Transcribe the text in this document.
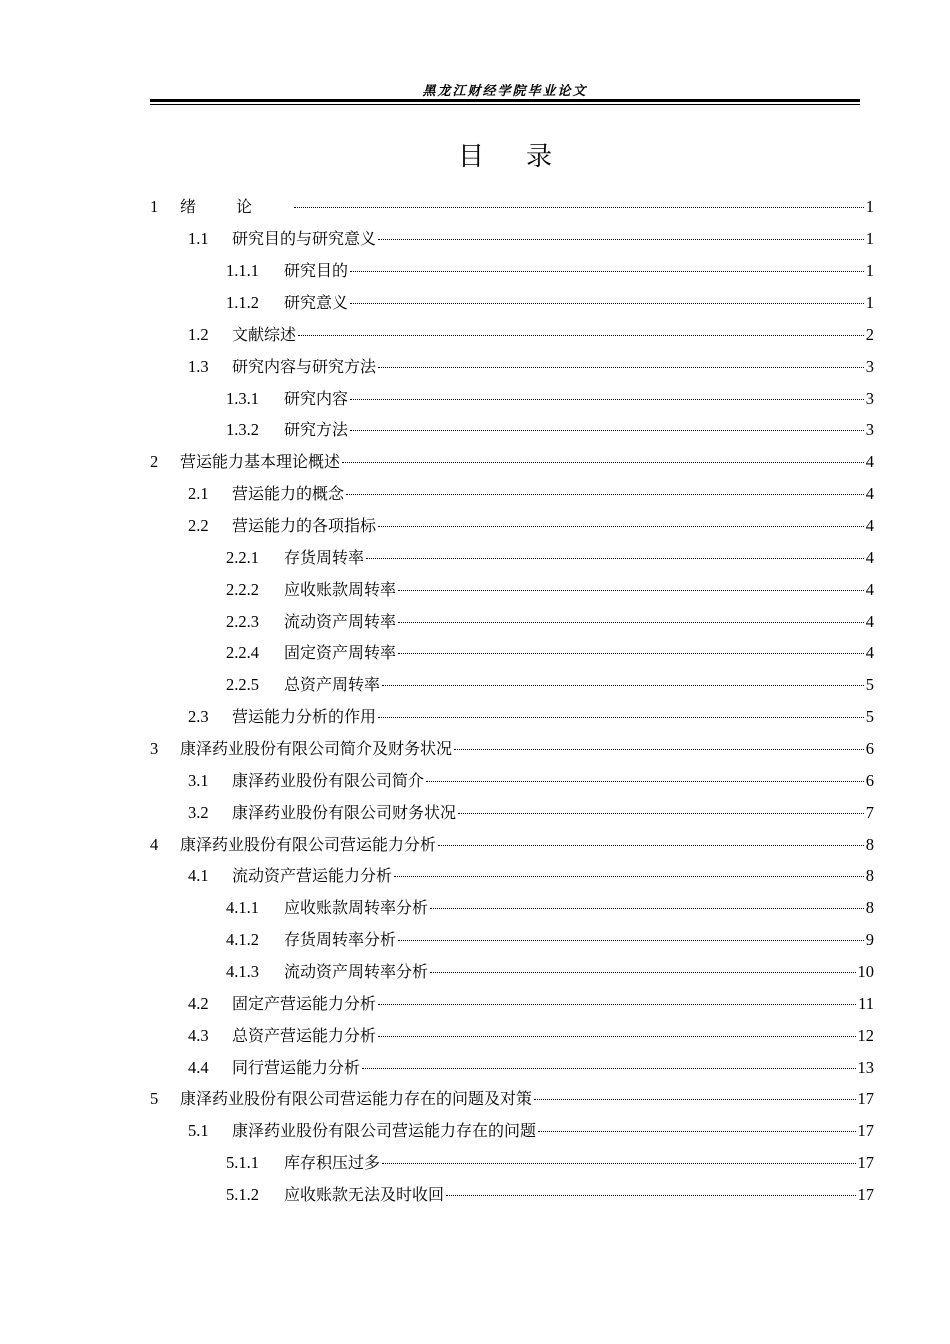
黑龙江财经学院毕业论文
目录
1	绪论	1
1.1	研究目的与研究意义	1
1.1.1	研究目的	1
1.1.2	研究意义	1
1.2	文献综述	2
1.3	研究内容与研究方法	3
1.3.1	研究内容	3
1.3.2	研究方法	3
2	营运能力基本理论概述	4
2.1	营运能力的概念	4
2.2	营运能力的各项指标	4
2.2.1	存货周转率	4
2.2.2	应收账款周转率	4
2.2.3	流动资产周转率	4
2.2.4	固定资产周转率	4
2.2.5	总资产周转率	5
2.3	营运能力分析的作用	5
3	康泽药业股份有限公司简介及财务状况	6
3.1	康泽药业股份有限公司简介	6
3.2	康泽药业股份有限公司财务状况	7
4	康泽药业股份有限公司营运能力分析	8
4.1	流动资产营运能力分析	8
4.1.1	应收账款周转率分析	8
4.1.2	存货周转率分析	9
4.1.3	流动资产周转率分析	10
4.2	固定产营运能力分析	11
4.3	总资产营运能力分析	12
4.4	同行营运能力分析	13
5	康泽药业股份有限公司营运能力存在的问题及对策	17
5.1	康泽药业股份有限公司营运能力存在的问题	17
5.1.1	库存积压过多	17
5.1.2	应收账款无法及时收回	17
